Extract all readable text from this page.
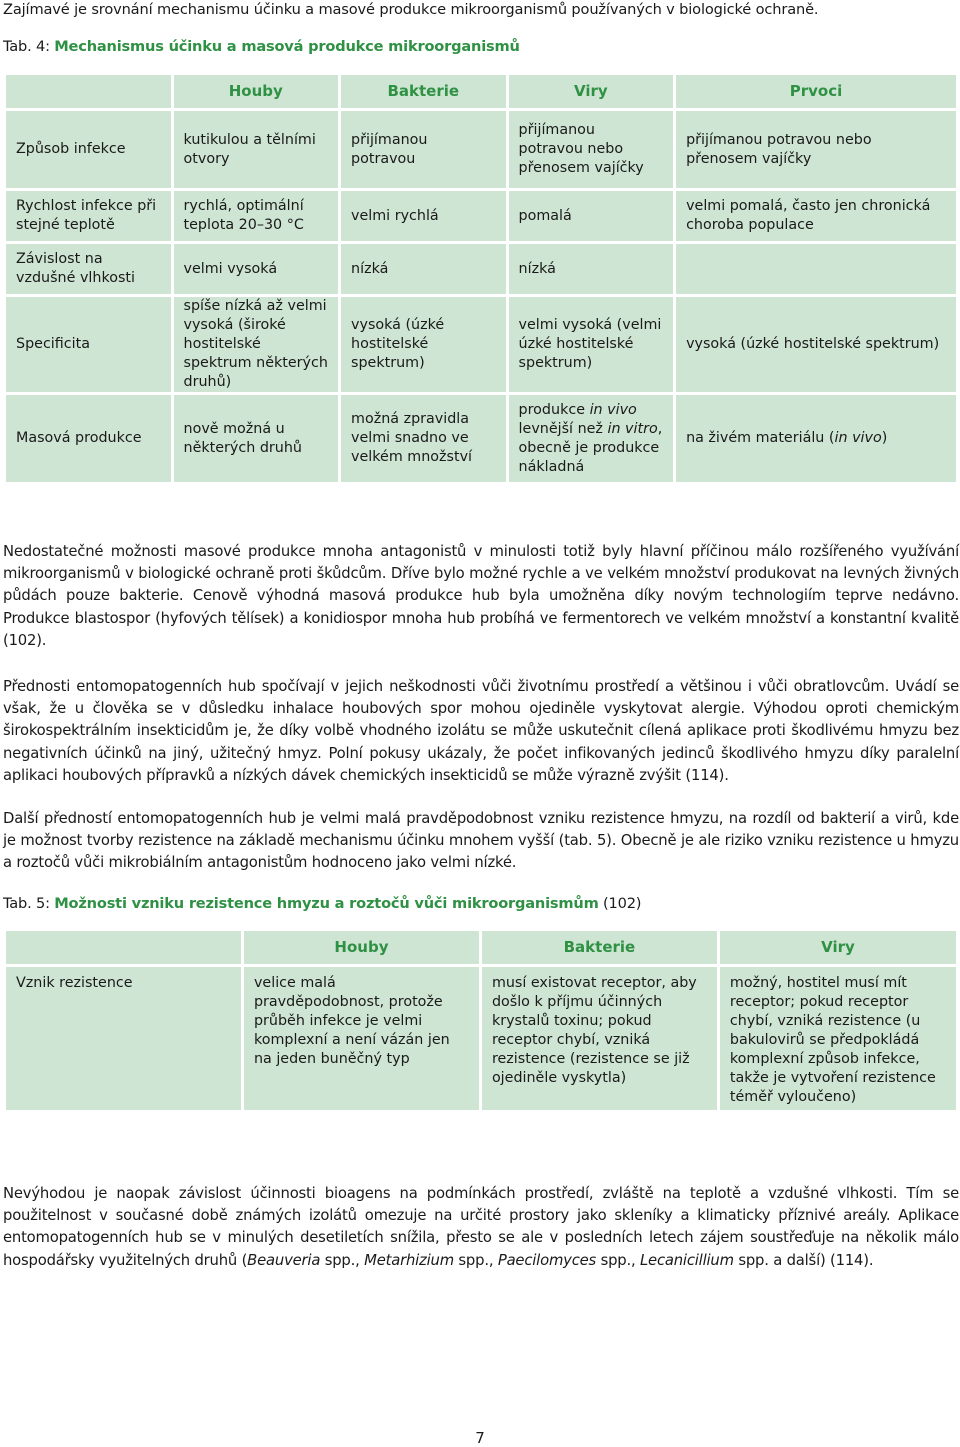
Zajímavé je srovnání mechanismu účinku a masové produkce mikroorganismů používaných v biologické ochraně.
Tab. 4: Mechanismus účinku a masová produkce mikroorganismů
	Houby	Bakterie	Viry	Prvoci
Způsob infekce	kutikulou a tělními otvory	přijímanou potravou	přijímanou potravou nebo přenosem vajíčky	přijímanou potravou nebo přenosem vajíčky
Rychlost infekce při stejné teplotě	rychlá, optimální teplota 20–30 °C	velmi rychlá	pomalá	velmi pomalá, často jen chronická choroba populace
Závislost na vzdušné vlhkosti	velmi vysoká	nízká	nízká	
Specificita	spíše nízká až velmi vysoká (široké hostitelské spektrum některých druhů)	vysoká (úzké hostitelské spektrum)	velmi vysoká (velmi úzké hostitelské spektrum)	vysoká (úzké hostitelské spektrum)
Masová produkce	nově možná u některých druhů	možná zpravidla velmi snadno ve velkém množství	produkce in vivo levnější než in vitro, obecně je produkce nákladná	na živém materiálu (in vivo)

Nedostatečné možnosti masové produkce mnoha antagonistů v minulosti totiž byly hlavní příčinou málo rozšířeného využívání mikroorganismů v biologické ochraně proti škůdcům. Dříve bylo možné rychle a ve velkém množství produkovat na levných živných půdách pouze bakterie. Cenově výhodná masová produkce hub byla umožněna díky novým technologiím teprve nedávno. Produkce blastospor (hyfových tělísek) a konidiospor mnoha hub probíhá ve fermentorech ve velkém množství a konstantní kvalitě (102).

Přednosti entomopatogenních hub spočívají v jejich neškodnosti vůči životnímu prostředí a většinou i vůči obratlovcům. Uvádí se však, že u člověka se v důsledku inhalace houbových spor mohou ojediněle vyskytovat alergie. Výhodou oproti chemickým širokospektrálním insekticidům je, že díky volbě vhodného izolátu se může uskutečnit cílená aplikace proti škodlivému hmyzu bez negativních účinků na jiný, užitečný hmyz. Polní pokusy ukázaly, že počet infikovaných jedinců škodlivého hmyzu díky paralelní aplikaci houbových přípravků a nízkých dávek chemických insekticidů se může výrazně zvýšit (114).

Další předností entomopatogenních hub je velmi malá pravděpodobnost vzniku rezistence hmyzu, na rozdíl od bakterií a virů, kde je možnost tvorby rezistence na základě mechanismu účinku mnohem vyšší (tab. 5). Obecně je ale riziko vzniku rezistence u hmyzu a roztočů vůči mikrobiálním antagonistům hodnoceno jako velmi nízké.

Tab. 5: Možnosti vzniku rezistence hmyzu a roztočů vůči mikroorganismům (102)
	Houby	Bakterie	Viry
Vznik rezistence	velice malá pravděpodobnost, protože průběh infekce je velmi komplexní a není vázán jen na jeden buněčný typ	musí existovat receptor, aby došlo k příjmu účinných krystalů toxinu; pokud receptor chybí, vzniká rezistence (rezistence se již ojediněle vyskytla)	možný, hostitel musí mít receptor; pokud receptor chybí, vzniká rezistence (u bakulovirů se předpokládá komplexní způsob infekce, takže je vytvoření rezistence téměř vyloučeno)

Nevýhodou je naopak závislost účinnosti bioagens na podmínkách prostředí, zvláště na teplotě a vzdušné vlhkosti. Tím se použitelnost v současné době známých izolátů omezuje na určité prostory jako skleníky a klimaticky příznivé areály. Aplikace entomopatogenních hub se v minulých desetiletích snížila, přesto se ale v posledních letech zájem soustřeďuje na několik málo hospodářsky využitelných druhů (Beauveria spp., Metarhizium spp., Paecilomyces spp., Lecanicillium spp. a další) (114).

7
